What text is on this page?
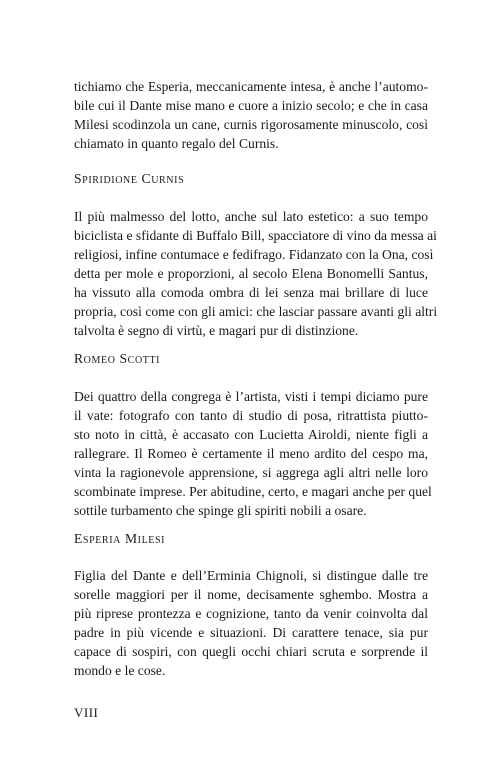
tichiamo che Esperia, meccanicamente intesa, è anche l’automo-
bile cui il Dante mise mano e cuore a inizio secolo; e che in casa
Milesi scodinzola un cane, curnis rigorosamente minuscolo, così
chiamato in quanto regalo del Curnis.

Spiridione Curnis

Il più malmesso del lotto, anche sul lato estetico: a suo tempo
biciclista e sfidante di Buffalo Bill, spacciatore di vino da messa ai
religiosi, infine contumace e fedifrago. Fidanzato con la Ona, così
detta per mole e proporzioni, al secolo Elena Bonomelli Santus,
ha vissuto alla comoda ombra di lei senza mai brillare di luce
propria, così come con gli amici: che lasciar passare avanti gli altri
talvolta è segno di virtù, e magari pur di distinzione.

Romeo Scotti

Dei quattro della congrega è l’artista, visti i tempi diciamo pure
il vate: fotografo con tanto di studio di posa, ritrattista piutto-
sto noto in città, è accasato con Lucietta Airoldi, niente figli a
rallegrare. Il Romeo è certamente il meno ardito del cespo ma,
vinta la ragionevole apprensione, si aggrega agli altri nelle loro
scombinate imprese. Per abitudine, certo, e magari anche per quel
sottile turbamento che spinge gli spiriti nobili a osare.

Esperia Milesi

Figlia del Dante e dell’Erminia Chignoli, si distingue dalle tre
sorelle maggiori per il nome, decisamente sghembo. Mostra a
più riprese prontezza e cognizione, tanto da venir coinvolta dal
padre in più vicende e situazioni. Di carattere tenace, sia pur
capace di sospiri, con quegli occhi chiari scruta e sorprende il
mondo e le cose.

VIII
